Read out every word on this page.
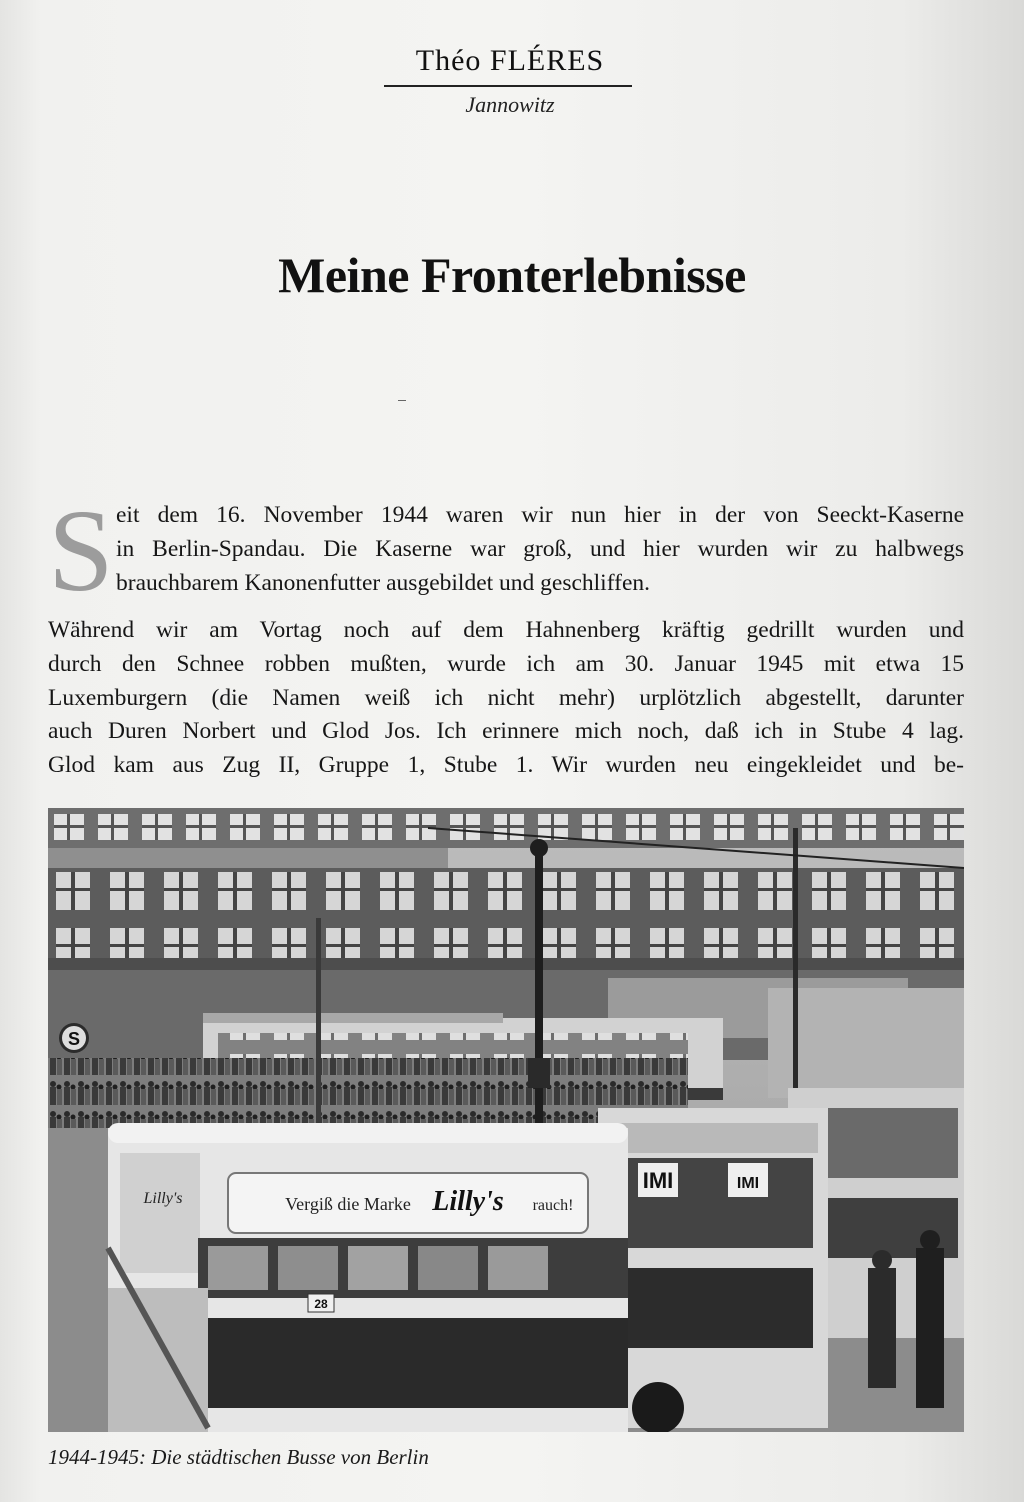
Théo FLÉRES
Jannowitz
Meine Fronterlebnisse
S eit dem 16. November 1944 waren wir nun hier in der von Seeckt-Kaserne
in Berlin-Spandau. Die Kaserne war groß, und hier wurden wir zu halbwegs
brauchbarem Kanonenfutter ausgebildet und geschliffen.
Während wir am Vortag noch auf dem Hahnenberg kräftig gedrillt wurden und
durch den Schnee robben mußten, wurde ich am 30. Januar 1945 mit etwa 15
Luxemburgern (die Namen weiß ich nicht mehr) urplötzlich abgestellt, darunter
auch Duren Norbert und Glod Jos. Ich erinnere mich noch, daß ich in Stube 4 lag.
Glod kam aus Zug II, Gruppe 1, Stube 1. Wir wurden neu eingekleidet und be-
S
IMI	IMI
Vergiß die Marke Lilly's rauch!
Lilly's
28
1944-1945: Die städtischen Busse von Berlin
